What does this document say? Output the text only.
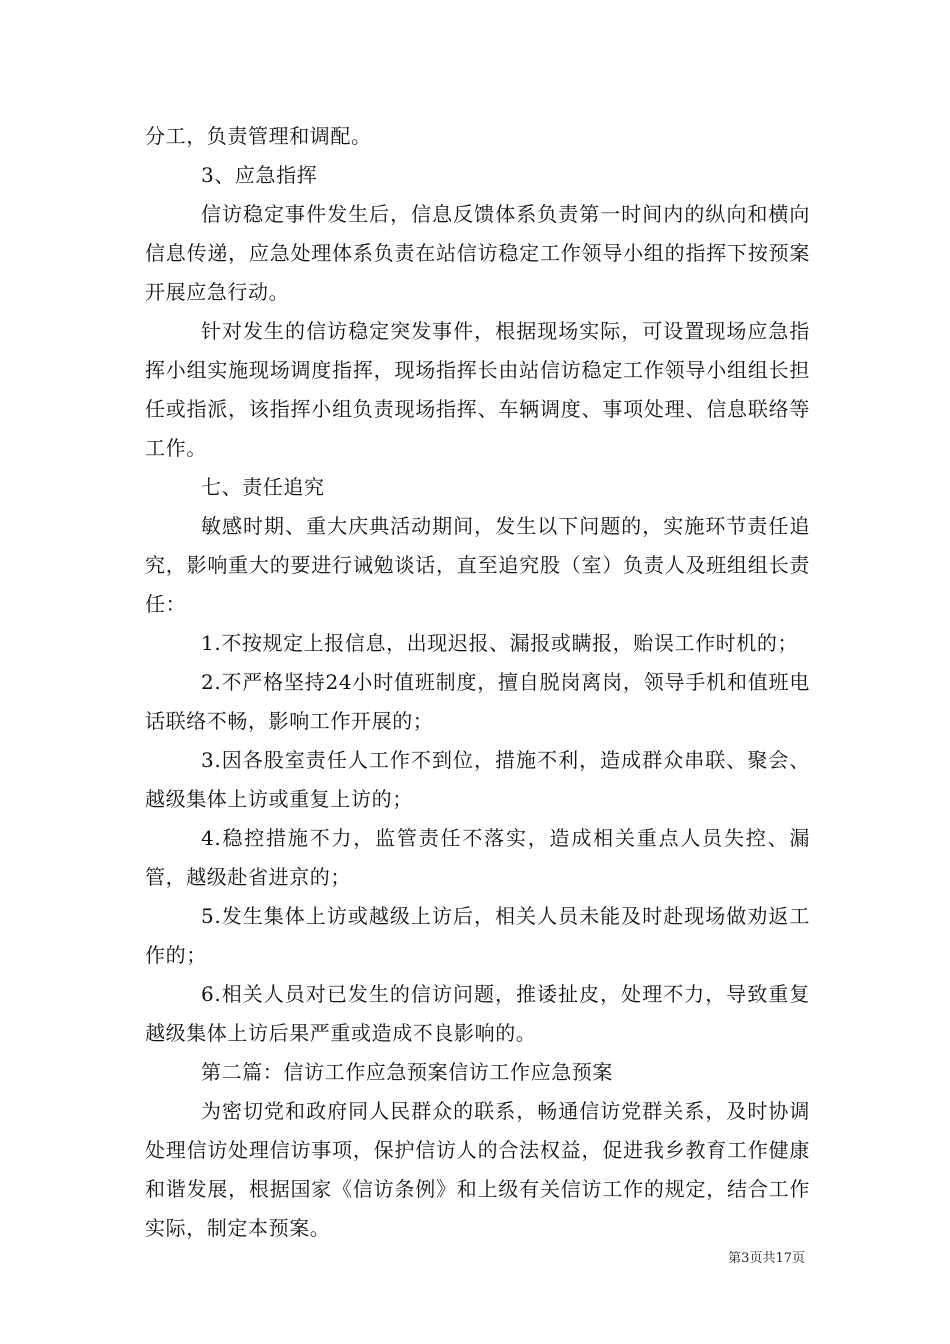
分工，负责管理和调配。

3、应急指挥

信访稳定事件发生后，信息反馈体系负责第一时间内的纵向和横向信息传递，应急处理体系负责在站信访稳定工作领导小组的指挥下按预案开展应急行动。

针对发生的信访稳定突发事件，根据现场实际，可设置现场应急指挥小组实施现场调度指挥，现场指挥长由站信访稳定工作领导小组组长担任或指派，该指挥小组负责现场指挥、车辆调度、事项处理、信息联络等工作。

七、责任追究

敏感时期、重大庆典活动期间，发生以下问题的，实施环节责任追究，影响重大的要进行诫勉谈话，直至追究股（室）负责人及班组组长责任：

1.不按规定上报信息，出现迟报、漏报或瞒报，贻误工作时机的；

2.不严格坚持24小时值班制度，擅自脱岗离岗，领导手机和值班电话联络不畅，影响工作开展的；

3.因各股室责任人工作不到位，措施不利，造成群众串联、聚会、越级集体上访或重复上访的；

4.稳控措施不力，监管责任不落实，造成相关重点人员失控、漏管，越级赴省进京的；

5.发生集体上访或越级上访后，相关人员未能及时赴现场做劝返工作的；

6.相关人员对已发生的信访问题，推诿扯皮，处理不力，导致重复越级集体上访后果严重或造成不良影响的。

第二篇：信访工作应急预案信访工作应急预案

为密切党和政府同人民群众的联系，畅通信访党群关系，及时协调处理信访处理信访事项，保护信访人的合法权益，促进我乡教育工作健康和谐发展，根据国家《信访条例》和上级有关信访工作的规定，结合工作实际，制定本预案。

第3页共17页
